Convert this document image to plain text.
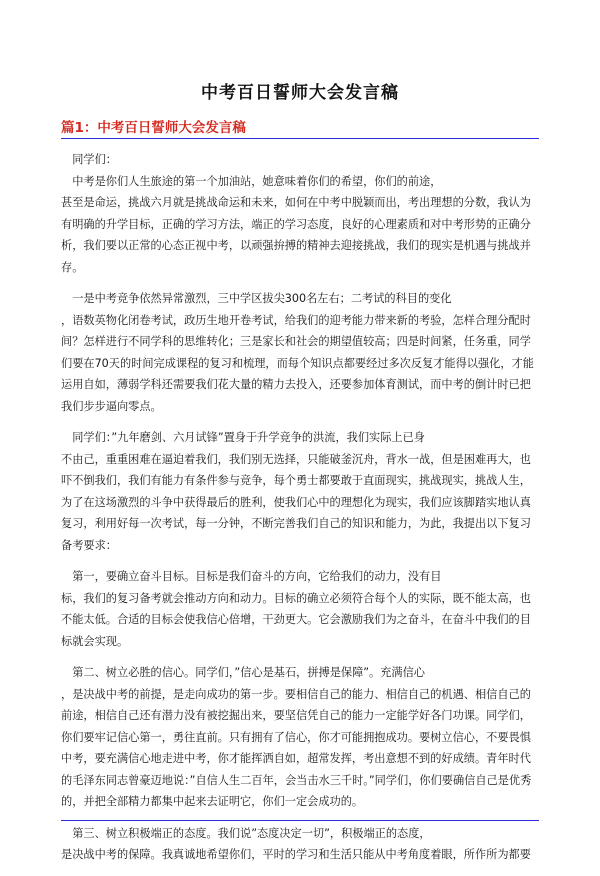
中考百日誓师大会发言稿
篇1：中考百日誓师大会发言稿

同学们：

中考是你们人生旅途的第一个加油站，她意味着你们的希望，你们的前途，
甚至是命运，挑战六月就是挑战命运和未来，如何在中考中脱颖而出，考出理想的分数，我认为有明确的升学目标，正确的学习方法，端正的学习态度，良好的心理素质和对中考形势的正确分析，我们要以正常的心态正视中考，以顽强拚搏的精神去迎接挑战，我们的现实是机遇与挑战并存。

一是中考竞争依然异常激烈，三中学区拔尖300名左右；二考试的科目的变化
，语数英物化闭卷考试，政历生地开卷考试，给我们的迎考能力带来新的考验，怎样合理分配时间？怎样进行不同学科的思维转化；三是家长和社会的期望值较高；四是时间紧，任务重，同学们要在70天的时间完成课程的复习和梳理，而每个知识点都要经过多次反复才能得以强化，才能运用自如，薄弱学科还需要我们花大量的精力去投入，还要参加体育测试，而中考的倒计时已把我们步步逼向零点。

同学们：”九年磨剑、六月试锋”置身于升学竞争的洪流，我们实际上已身
不由己，重重困难在逼迫着我们，我们别无选择，只能破釜沉舟，背水一战，但是困难再大，也吓不倒我们，我们有能力有条件参与竞争，每个勇士都要敢于直面现实，挑战现实，挑战人生，为了在这场激烈的斗争中获得最后的胜利，使我们心中的理想化为现实，我们应该脚踏实地认真复习，利用好每一次考试，每一分钟，不断完善我们自己的知识和能力，为此，我提出以下复习备考要求：

第一，要确立奋斗目标。目标是我们奋斗的方向，它给我们的动力，没有目
标，我们的复习备考就会推动方向和动力。目标的确立必须符合每个人的实际，既不能太高，也不能太低。合适的目标会使我信心倍增，干劲更大。它会激励我们为之奋斗，在奋斗中我们的目标就会实现。

第二、树立必胜的信心。同学们，”信心是基石，拼搏是保障”。充满信心
，是决战中考的前提，是走向成功的第一步。要相信自己的能力、相信自己的机遇、相信自己的前途，相信自己还有潜力没有被挖掘出来，要坚信凭自己的能力一定能学好各门功课。同学们，你们要牢记信心第一，勇往直前。只有拥有了信心，你才可能拥抱成功。要树立信心，不要畏惧中考，要充满信心地走进中考，你才能挥洒自如，超常发挥，考出意想不到的好成绩。青年时代的毛泽东同志曾豪迈地说：”自信人生二百年，会当击水三千时。”同学们，你们要确信自己是优秀的，并把全部精力都集中起来去证明它，你们一定会成功的。

第三、树立积极端正的态度。我们说”态度决定一切”，积极端正的态度，
是决战中考的保障。我真诚地希望你们，平时的学习和生活只能从中考角度着眼，所作所为都要
